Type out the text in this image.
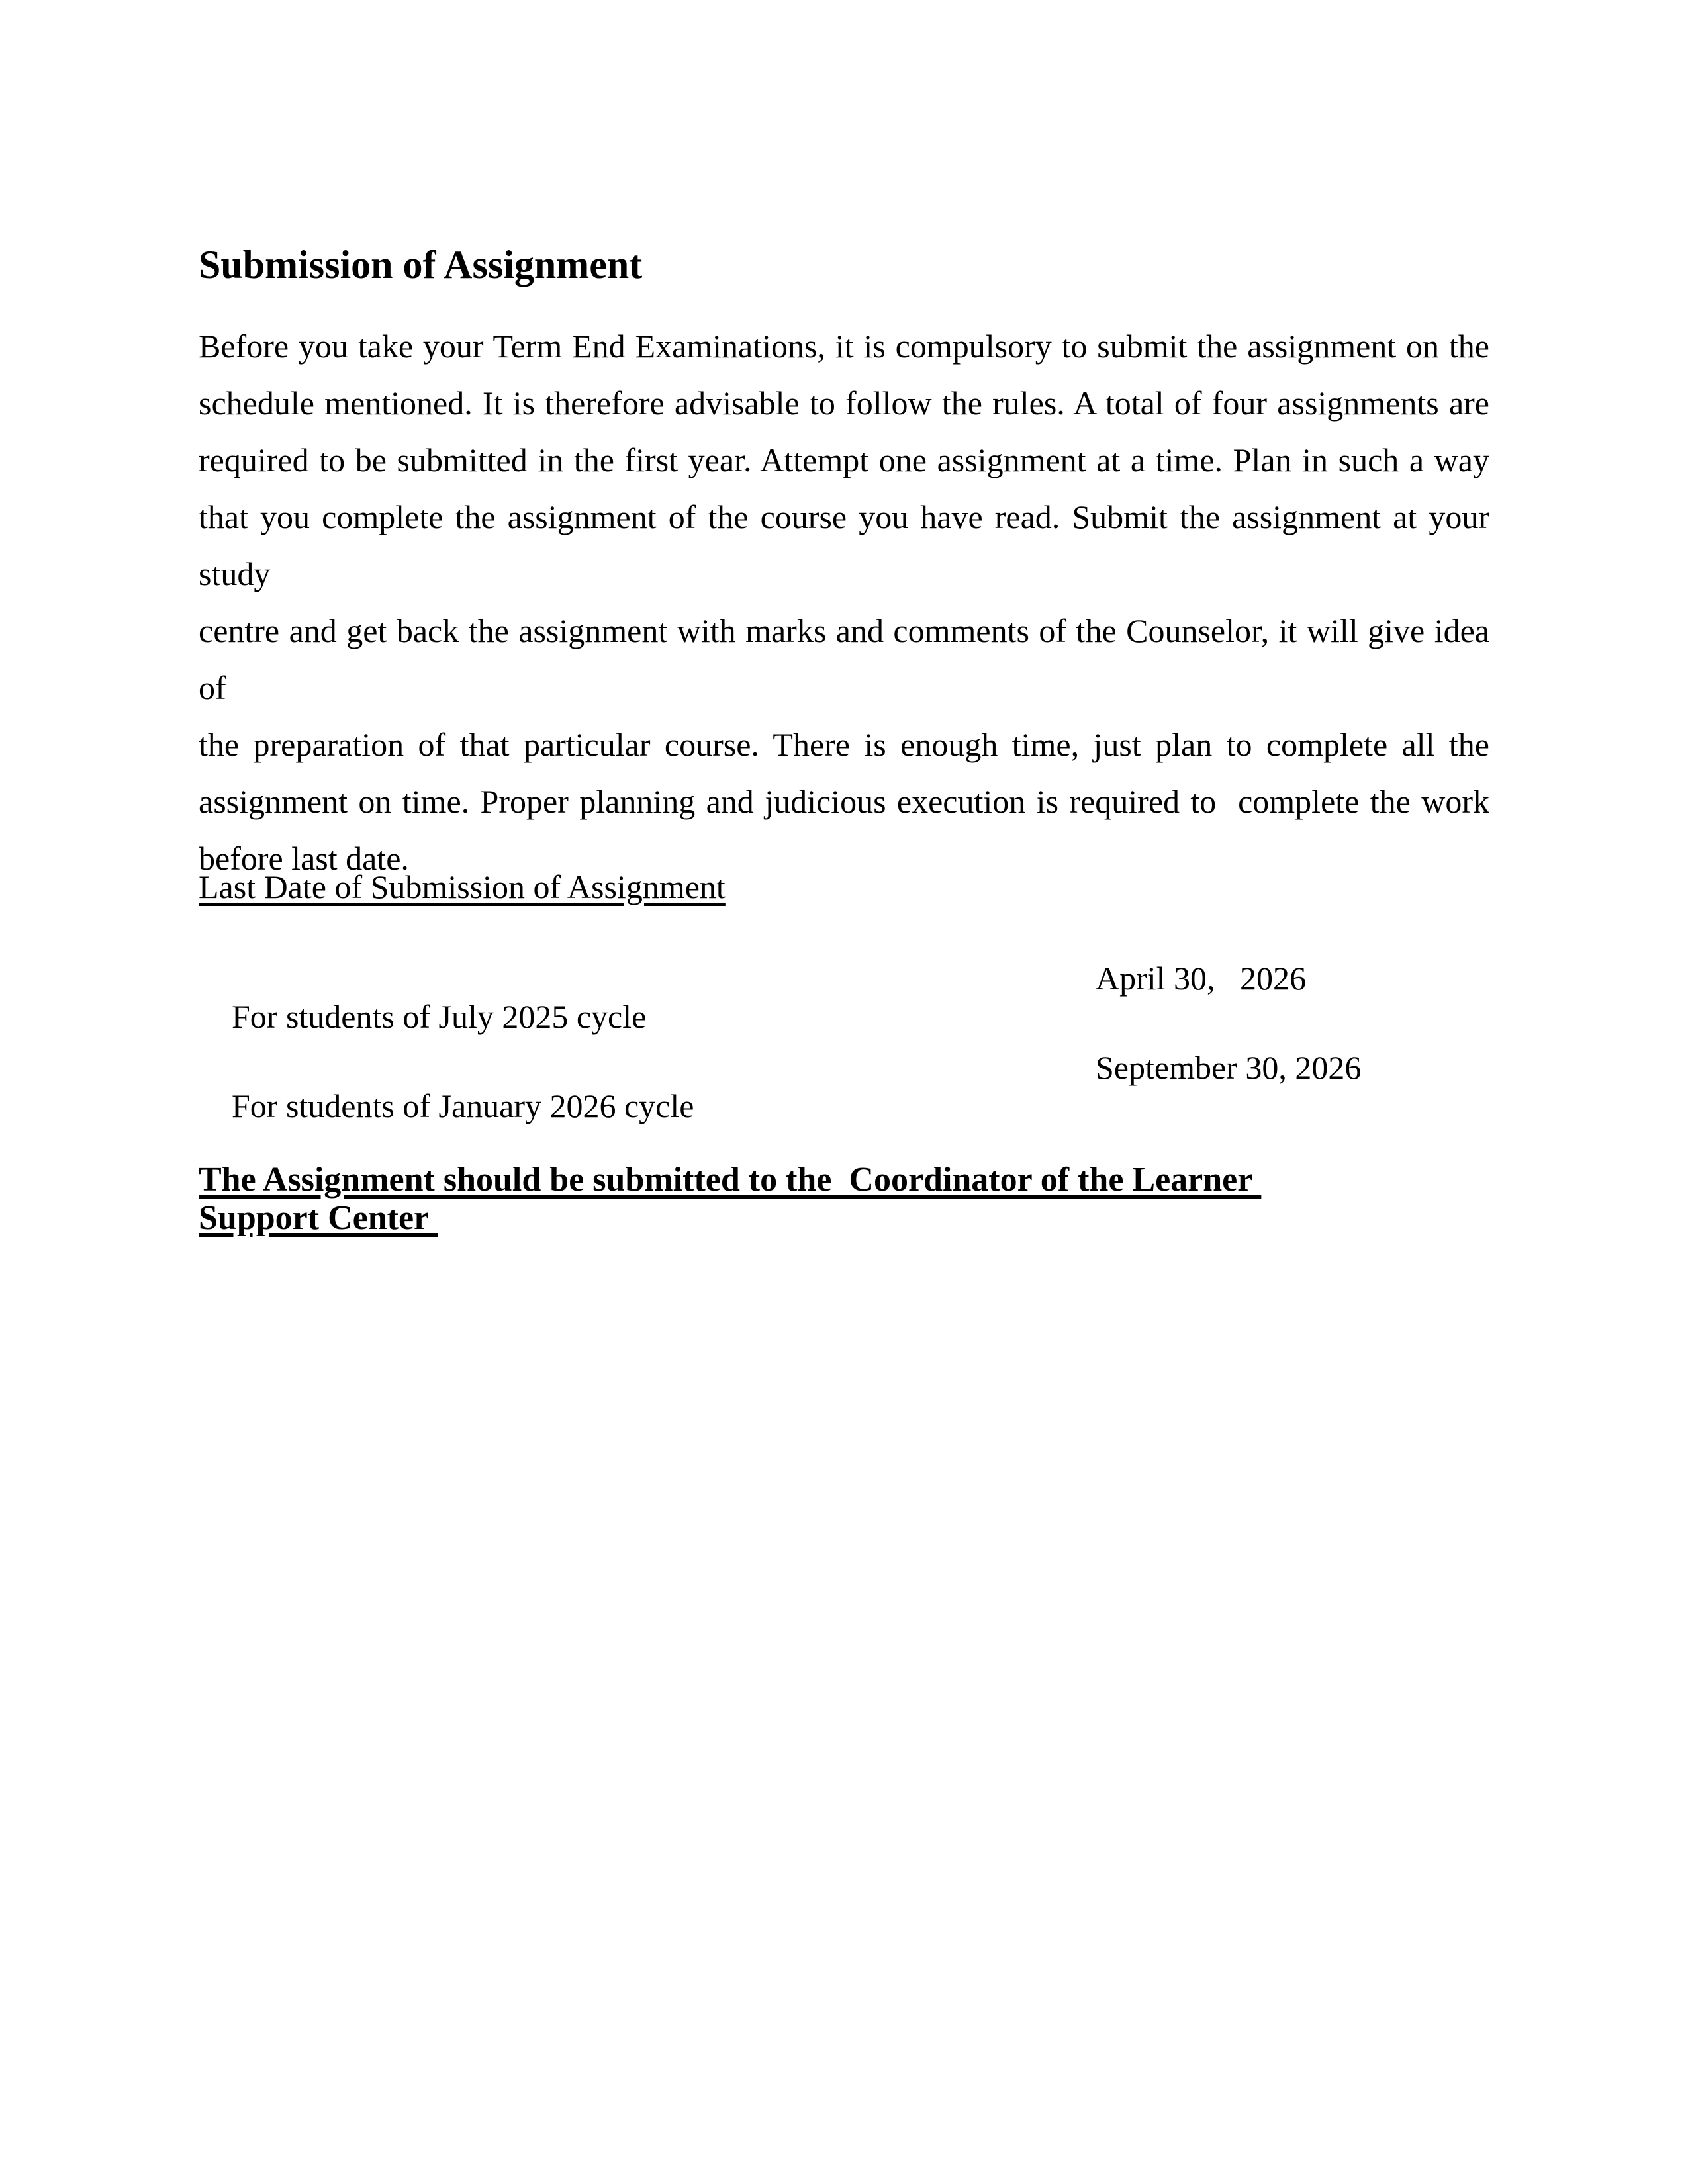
Submission of Assignment
Before you take your Term End Examinations, it is compulsory to submit the assignment on the
schedule mentioned. It is therefore advisable to follow the rules. A total of four assignments are
required to be submitted in the first year. Attempt one assignment at a time. Plan in such a way
that you complete the assignment of the course you have read. Submit the assignment at your study
centre and get back the assignment with marks and comments of the Counselor, it will give idea of
the preparation of that particular course. There is enough time, just plan to complete all the
assignment on time. Proper planning and judicious execution is required to  complete the work
before last date.
Last Date of Submission of Assignment

For students of July 2025 cycle

April 30,   2026

For students of January 2026 cycle

September 30, 2026

The Assignment should be submitted to the  Coordinator of the Learner
Support Center
